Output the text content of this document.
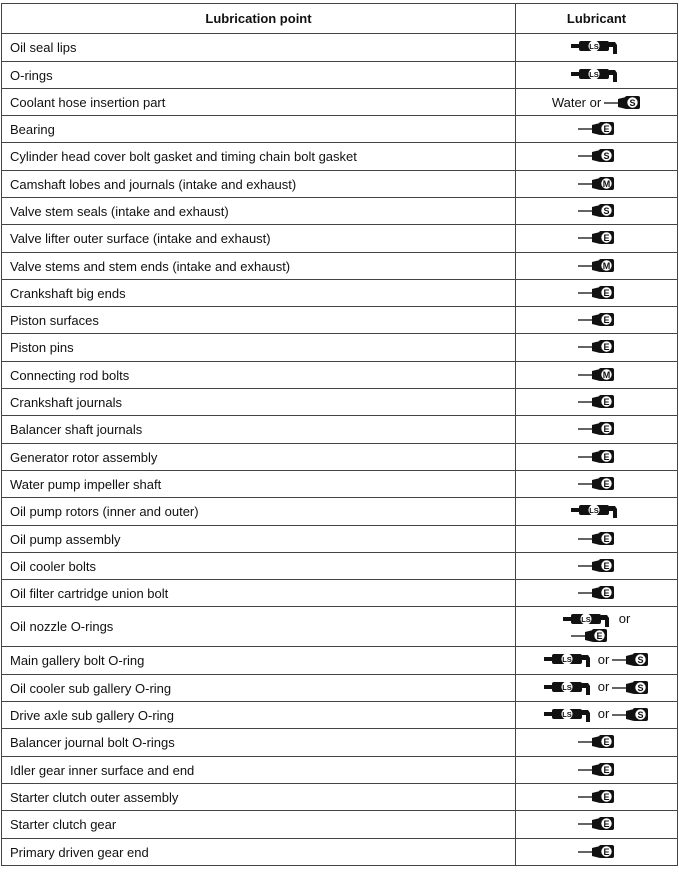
Lubrication point	Lubricant
Oil seal lips	LS

O-rings	LS

Coolant hose insertion part	Water or S

Bearing	E

Cylinder head cover bolt gasket and timing chain bolt gasket	S

Camshaft lobes and journals (intake and exhaust)	M

Valve stem seals (intake and exhaust)	S

Valve lifter outer surface (intake and exhaust)	E

Valve stems and stem ends (intake and exhaust)	M

Crankshaft big ends	E

Piston surfaces	E

Piston pins	E

Connecting rod bolts	M

Crankshaft journals	E

Balancer shaft journals	E

Generator rotor assembly	E

Water pump impeller shaft	E

Oil pump rotors (inner and outer)	LS

Oil pump assembly	E

Oil cooler bolts	E

Oil filter cartridge union bolt	E

Oil nozzle O-rings	LS or
E

Main gallery bolt O-ring	LS or S

Oil cooler sub gallery O-ring	LS or S

Drive axle sub gallery O-ring	LS or S

Balancer journal bolt O-rings	E

Idler gear inner surface and end	E

Starter clutch outer assembly	E

Starter clutch gear	E

Primary driven gear end	E
